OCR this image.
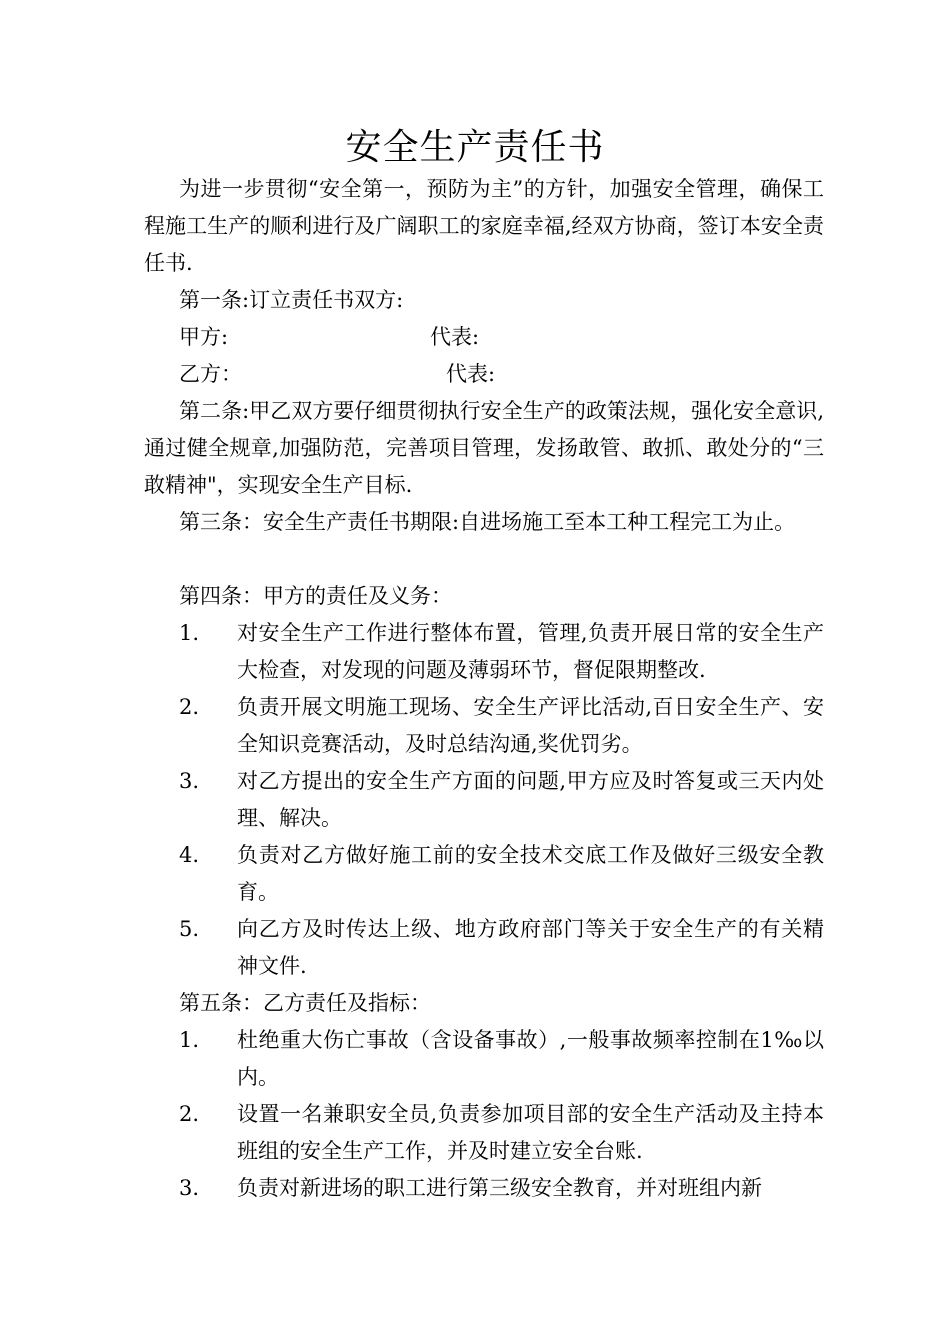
安全生产责任书
为进一步贯彻“安全第一，预防为主”的方针，加强安全管理，确保工程施工生产的顺利进行及广阔职工的家庭幸福,经双方协商，签订本安全责任书.
第一条:订立责任书双方:
甲方:	代表:
乙方：	代表:
第二条:甲乙双方要仔细贯彻执行安全生产的政策法规，强化安全意识,通过健全规章,加强防范，完善项目管理，发扬敢管、敢抓、敢处分的“三敢精神"，实现安全生产目标.
第三条：安全生产责任书期限:自进场施工至本工种工程完工为止。
第四条：甲方的责任及义务：
1. 对安全生产工作进行整体布置，管理,负责开展日常的安全生产大检查，对发现的问题及薄弱环节，督促限期整改.
2. 负责开展文明施工现场、安全生产评比活动,百日安全生产、安全知识竞赛活动，及时总结沟通,奖优罚劣。
3. 对乙方提出的安全生产方面的问题,甲方应及时答复或三天内处理、解决。
4. 负责对乙方做好施工前的安全技术交底工作及做好三级安全教育。
5. 向乙方及时传达上级、地方政府部门等关于安全生产的有关精神文件.
第五条：乙方责任及指标：
1. 杜绝重大伤亡事故（含设备事故）,一般事故频率控制在1‰以内。
2. 设置一名兼职安全员,负责参加项目部的安全生产活动及主持本班组的安全生产工作，并及时建立安全台账.
3. 负责对新进场的职工进行第三级安全教育，并对班组内新
